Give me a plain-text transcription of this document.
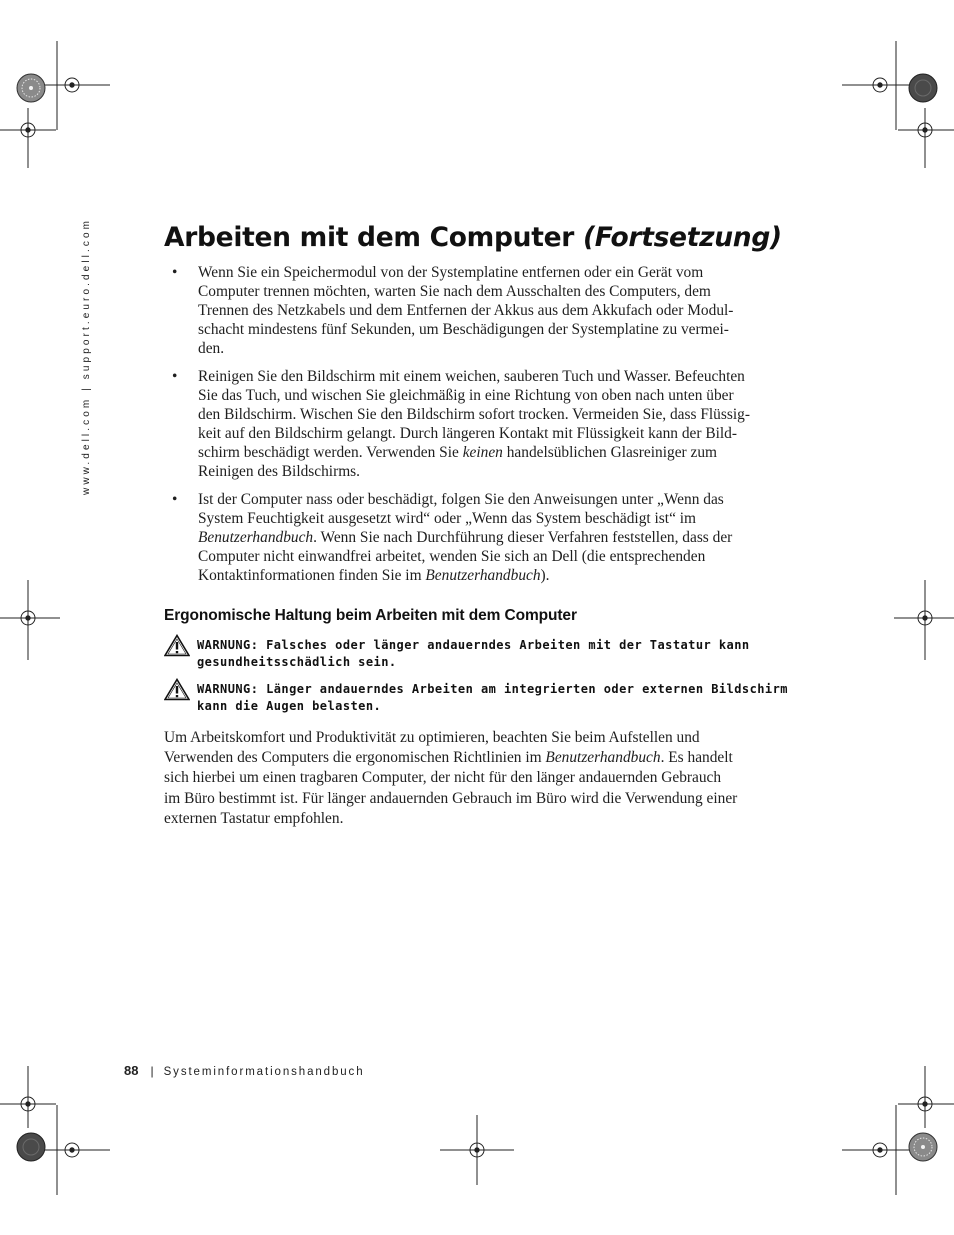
www.dell.com | support.euro.dell.com	Arbeiten mit dem Computer (Fortsetzung)
• Wenn Sie ein Speichermodul von der Systemplatine entfernen oder ein Gerät vom
Computer trennen möchten, warten Sie nach dem Ausschalten des Computers, dem
Trennen des Netzkabels und dem Entfernen der Akkus aus dem Akkufach oder Modul-
schacht mindestens fünf Sekunden, um Beschädigungen der Systemplatine zu vermei-
den.
• Reinigen Sie den Bildschirm mit einem weichen, sauberen Tuch und Wasser. Befeuchten
Sie das Tuch, und wischen Sie gleichmäßig in eine Richtung von oben nach unten über
den Bildschirm. Wischen Sie den Bildschirm sofort trocken. Vermeiden Sie, dass Flüssig-
keit auf den Bildschirm gelangt. Durch längeren Kontakt mit Flüssigkeit kann der Bild-
schirm beschädigt werden. Verwenden Sie keinen handelsüblichen Glasreiniger zum
Reinigen des Bildschirms.
• Ist der Computer nass oder beschädigt, folgen Sie den Anweisungen unter „Wenn das
System Feuchtigkeit ausgesetzt wird“ oder „Wenn das System beschädigt ist“ im
Benutzerhandbuch. Wenn Sie nach Durchführung dieser Verfahren feststellen, dass der
Computer nicht einwandfrei arbeitet, wenden Sie sich an Dell (die entsprechenden
Kontaktinformationen finden Sie im Benutzerhandbuch).
Ergonomische Haltung beim Arbeiten mit dem Computer
WARNUNG: Falsches oder länger andauerndes Arbeiten mit der Tastatur kann
gesundheitsschädlich sein.
WARNUNG: Länger andauerndes Arbeiten am integrierten oder externen Bildschirm
kann die Augen belasten.
Um Arbeitskomfort und Produktivität zu optimieren, beachten Sie beim Aufstellen und
Verwenden des Computers die ergonomischen Richtlinien im Benutzerhandbuch. Es handelt
sich hierbei um einen tragbaren Computer, der nicht für den länger andauernden Gebrauch
im Büro bestimmt ist. Für länger andauernden Gebrauch im Büro wird die Verwendung einer
externen Tastatur empfohlen.
88 | Systeminformationshandbuch
